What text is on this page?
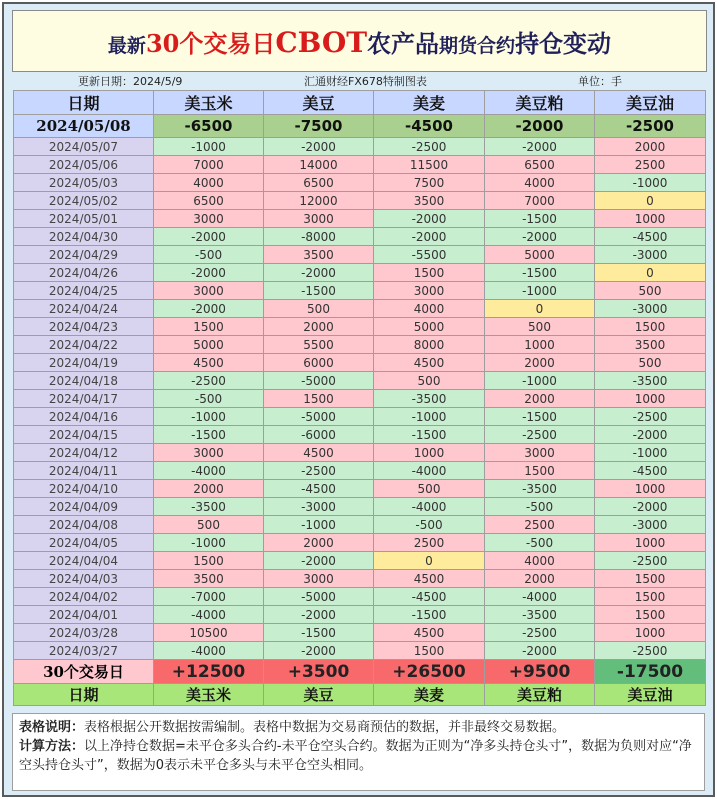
最新30个交易日CBOT农产品期货合约持仓变动
更新日期：2024/5/9	汇通财经FX678特制图表	单位：手
日期	美玉米	美豆	美麦	美豆粕	美豆油
2024/05/08	-6500	-7500	-4500	-2000	-2500
2024/05/07	-1000	-2000	-2500	-2000	2000
2024/05/06	7000	14000	11500	6500	2500
2024/05/03	4000	6500	7500	4000	-1000
2024/05/02	6500	12000	3500	7000	0
2024/05/01	3000	3000	-2000	-1500	1000
2024/04/30	-2000	-8000	-2000	-2000	-4500
2024/04/29	-500	3500	-5500	5000	-3000
2024/04/26	-2000	-2000	1500	-1500	0
2024/04/25	3000	-1500	3000	-1000	500
2024/04/24	-2000	500	4000	0	-3000
2024/04/23	1500	2000	5000	500	1500
2024/04/22	5000	5500	8000	1000	3500
2024/04/19	4500	6000	4500	2000	500
2024/04/18	-2500	-5000	500	-1000	-3500
2024/04/17	-500	1500	-3500	2000	1000
2024/04/16	-1000	-5000	-1000	-1500	-2500
2024/04/15	-1500	-6000	-1500	-2500	-2000
2024/04/12	3000	4500	1000	3000	-1000
2024/04/11	-4000	-2500	-4000	1500	-4500
2024/04/10	2000	-4500	500	-3500	1000
2024/04/09	-3500	-3000	-4000	-500	-2000
2024/04/08	500	-1000	-500	2500	-3000
2024/04/05	-1000	2000	2500	-500	1000
2024/04/04	1500	-2000	0	4000	-2500
2024/04/03	3500	3000	4500	2000	1500
2024/04/02	-7000	-5000	-4500	-4000	1500
2024/04/01	-4000	-2000	-1500	-3500	1500
2024/03/28	10500	-1500	4500	-2500	1000
2024/03/27	-4000	-2000	1500	-2000	-2500
30个交易日	+12500	+3500	+26500	+9500	-17500
日期	美玉米	美豆	美麦	美豆粕	美豆油
表格说明：表格根据公开数据按需编制。表格中数据为交易商预估的数据，并非最终交易数据。
计算方法：以上净持仓数据=未平仓多头合约-未平仓空头合约。数据为正则为“净多头持仓头寸”，数据为负则对应“净空头持仓头寸”，数据为0表示未平仓多头与未平仓空头相同。
